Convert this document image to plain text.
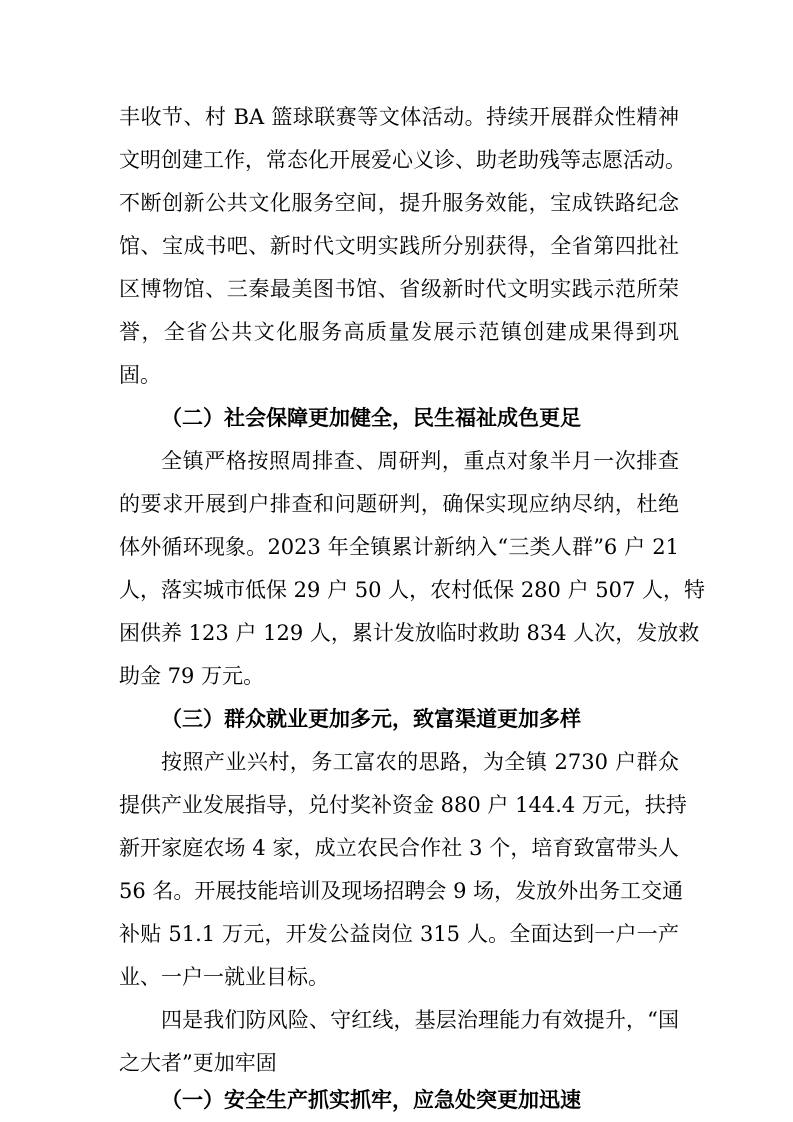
丰收节、村 BA 篮球联赛等文体活动。持续开展群众性精神
文明创建工作，常态化开展爱心义诊、助老助残等志愿活动。
不断创新公共文化服务空间，提升服务效能，宝成铁路纪念
馆、宝成书吧、新时代文明实践所分别获得，全省第四批社
区博物馆、三秦最美图书馆、省级新时代文明实践示范所荣
誉，全省公共文化服务高质量发展示范镇创建成果得到巩
固。
（二）社会保障更加健全，民生福祉成色更足
全镇严格按照周排查、周研判，重点对象半月一次排查
的要求开展到户排查和问题研判，确保实现应纳尽纳，杜绝
体外循环现象。2023 年全镇累计新纳入“三类人群”6 户 21
人，落实城市低保 29 户 50 人，农村低保 280 户 507 人，特
困供养 123 户 129 人，累计发放临时救助 834 人次，发放救
助金 79 万元。
（三）群众就业更加多元，致富渠道更加多样
按照产业兴村，务工富农的思路，为全镇 2730 户群众
提供产业发展指导，兑付奖补资金 880 户 144.4 万元，扶持
新开家庭农场 4 家，成立农民合作社 3 个，培育致富带头人
56 名。开展技能培训及现场招聘会 9 场，发放外出务工交通
补贴 51.1 万元，开发公益岗位 315 人。全面达到一户一产
业、一户一就业目标。
四是我们防风险、守红线，基层治理能力有效提升，“国
之大者”更加牢固
（一）安全生产抓实抓牢，应急处突更加迅速
